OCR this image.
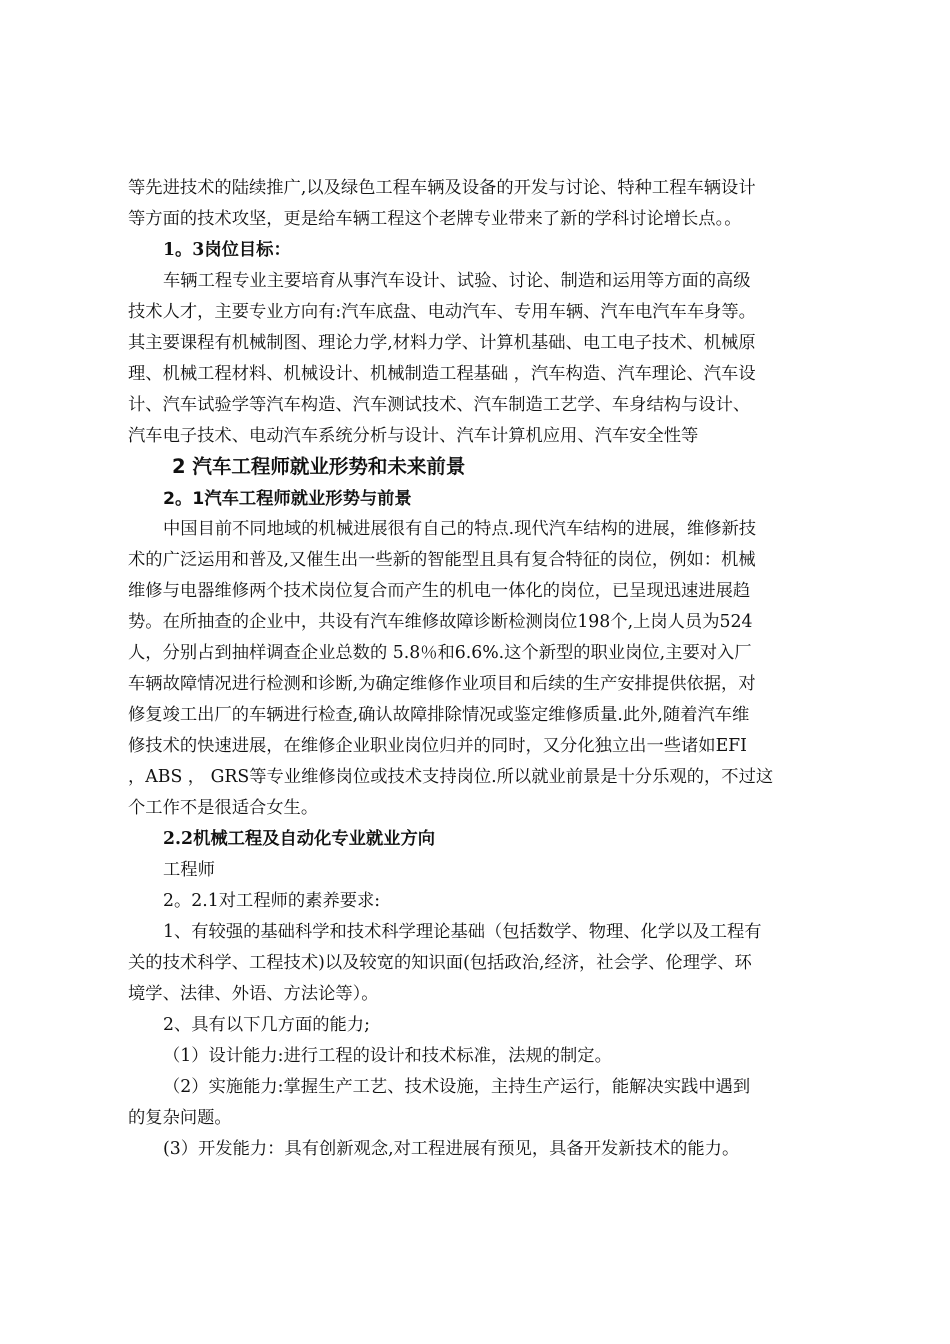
等先进技术的陆续推广,以及绿色工程车辆及设备的开发与讨论、特种工程车辆设计
等方面的技术攻坚，更是给车辆工程这个老牌专业带来了新的学科讨论增长点。。
1。3岗位目标：
车辆工程专业主要培育从事汽车设计、试验、讨论、制造和运用等方面的高级
技术人才，主要专业方向有:汽车底盘、电动汽车、专用车辆、汽车电汽车车身等。
其主要课程有机械制图、理论力学,材料力学、计算机基础、电工电子技术、机械原
理、机械工程材料、机械设计、机械制造工程基础 ，汽车构造、汽车理论、汽车设
计、汽车试验学等汽车构造、汽车测试技术、汽车制造工艺学、车身结构与设计、
汽车电子技术、电动汽车系统分析与设计、汽车计算机应用、汽车安全性等
2 汽车工程师就业形势和未来前景
2。1汽车工程师就业形势与前景
中国目前不同地域的机械进展很有自己的特点.现代汽车结构的进展，维修新技
术的广泛运用和普及,又催生出一些新的智能型且具有复合特征的岗位，例如：机械
维修与电器维修两个技术岗位复合而产生的机电一体化的岗位，已呈现迅速进展趋
势。在所抽查的企业中，共设有汽车维修故障诊断检测岗位198个,上岗人员为524
人，分别占到抽样调查企业总数的 5.8％和6.6%.这个新型的职业岗位,主要对入厂
车辆故障情况进行检测和诊断,为确定维修作业项目和后续的生产安排提供依据，对
修复竣工出厂的车辆进行检查,确认故障排除情况或鉴定维修质量.此外,随着汽车维
修技术的快速进展，在维修企业职业岗位归并的同时，又分化独立出一些诸如EFI
，ABS ， GRS等专业维修岗位或技术支持岗位.所以就业前景是十分乐观的，不过这
个工作不是很适合女生。
2.2机械工程及自动化专业就业方向
工程师
2。2.1对工程师的素养要求:
1、有较强的基础科学和技术科学理论基础（包括数学、物理、化学以及工程有
关的技术科学、工程技术)以及较宽的知识面(包括政治,经济，社会学、伦理学、环
境学、法律、外语、方法论等）。
2、具有以下几方面的能力;
（1）设计能力:进行工程的设计和技术标准，法规的制定。
（2）实施能力:掌握生产工艺、技术设施，主持生产运行，能解决实践中遇到
的复杂问题。
(3）开发能力：具有创新观念,对工程进展有预见，具备开发新技术的能力。
